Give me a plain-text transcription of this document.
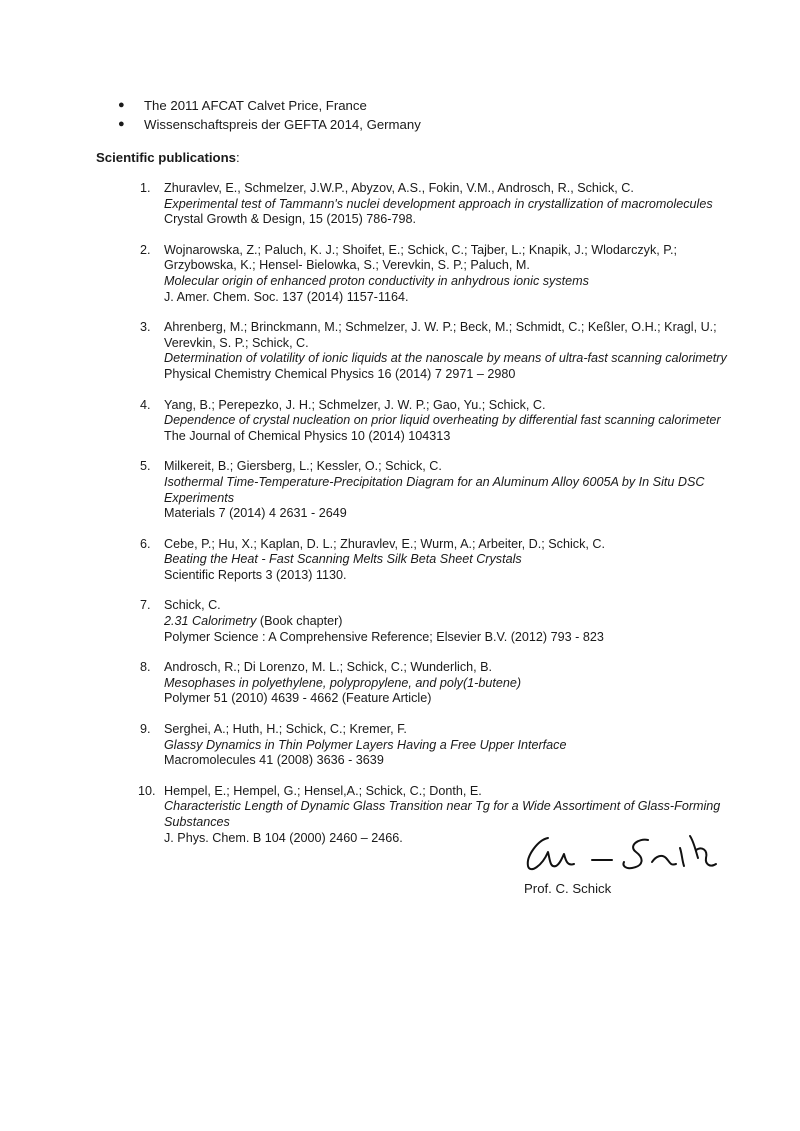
● The 2011 AFCAT Calvet Price, France
● Wissenschaftspreis der GEFTA 2014, Germany
Scientific publications:
1. Zhuravlev, E., Schmelzer, J.W.P., Abyzov, A.S., Fokin, V.M., Androsch, R., Schick, C.
Experimental test of Tammann's nuclei development approach in crystallization of macromolecules
Crystal Growth & Design, 15 (2015) 786-798.
2. Wojnarowska, Z.; Paluch, K. J.; Shoifet, E.; Schick, C.; Tajber, L.; Knapik, J.; Wlodarczyk, P.; Grzybowska, K.; Hensel- Bielowka, S.; Verevkin, S. P.; Paluch, M.
Molecular origin of enhanced proton conductivity in anhydrous ionic systems
J. Amer. Chem. Soc. 137 (2014) 1157-1164.
3. Ahrenberg, M.; Brinckmann, M.; Schmelzer, J. W. P.; Beck, M.; Schmidt, C.; Keßler, O.H.; Kragl, U.; Verevkin, S. P.; Schick, C.
Determination of volatility of ionic liquids at the nanoscale by means of ultra-fast scanning calorimetry
Physical Chemistry Chemical Physics 16 (2014) 7 2971 – 2980
4. Yang, B.; Perepezko, J. H.; Schmelzer, J. W. P.; Gao, Yu.; Schick, C.
Dependence of crystal nucleation on prior liquid overheating by differential fast scanning calorimeter
The Journal of Chemical Physics 10 (2014) 104313
5. Milkereit, B.; Giersberg, L.; Kessler, O.; Schick, C.
Isothermal Time-Temperature-Precipitation Diagram for an Aluminum Alloy 6005A by In Situ DSC Experiments
Materials 7 (2014) 4 2631 - 2649
6. Cebe, P.; Hu, X.; Kaplan, D. L.; Zhuravlev, E.; Wurm, A.; Arbeiter, D.; Schick, C.
Beating the Heat - Fast Scanning Melts Silk Beta Sheet Crystals
Scientific Reports 3 (2013) 1130.
7. Schick, C.
2.31 Calorimetry (Book chapter)
Polymer Science : A Comprehensive Reference; Elsevier B.V. (2012) 793 - 823
8. Androsch, R.; Di Lorenzo, M. L.; Schick, C.; Wunderlich, B.
Mesophases in polyethylene, polypropylene, and poly(1-butene)
Polymer 51 (2010) 4639 - 4662 (Feature Article)
9. Serghei, A.; Huth, H.; Schick, C.; Kremer, F.
Glassy Dynamics in Thin Polymer Layers Having a Free Upper Interface
Macromolecules 41 (2008) 3636 - 3639
10. Hempel, E.; Hempel, G.; Hensel,A.; Schick, C.; Donth, E.
Characteristic Length of Dynamic Glass Transition near Tg for a Wide Assortiment of Glass-Forming Substances
J. Phys. Chem. B 104 (2000) 2460 – 2466.
Prof. C. Schick
